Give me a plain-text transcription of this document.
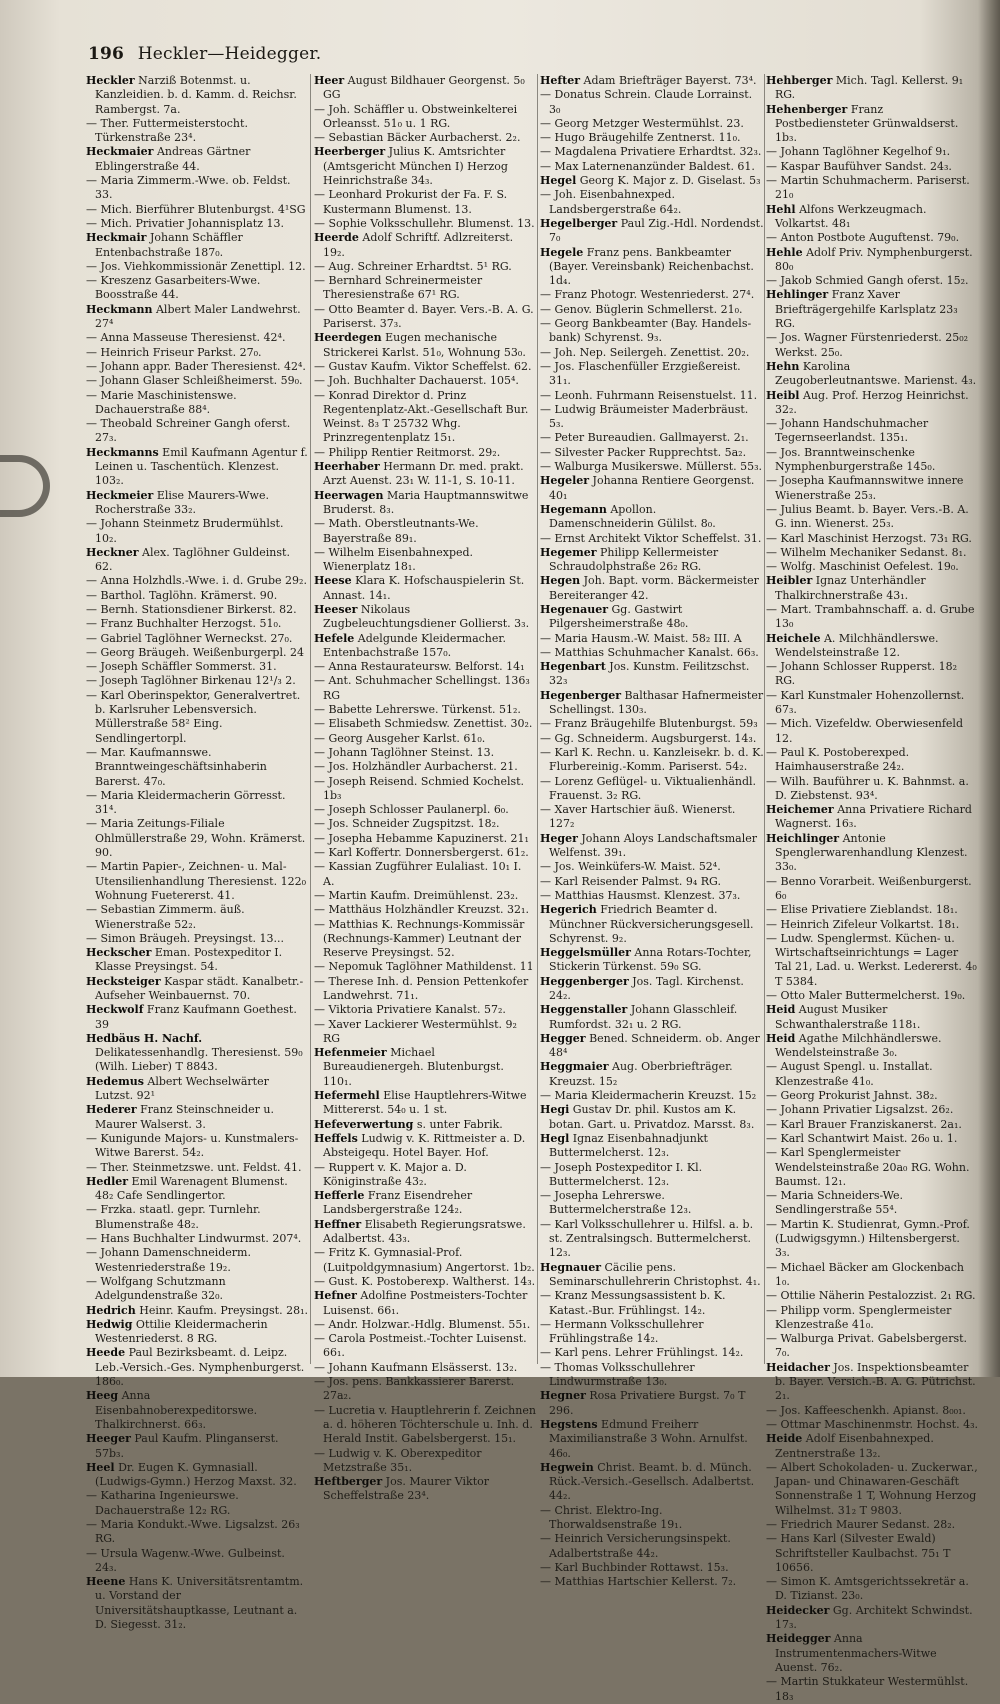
196 Heckler—Heidegger.

Heckler Narziß Botenmst. u. Kanzleidien. b. d. Kamm. d. Reichsr. Rambergst. 7a.

— Ther. Futtermeisterstocht. Türkenstraße 23⁴.

Heckmaier Andreas Gärtner Eblingerstraße 44.

— Maria Zimmerm.-Wwe. ob. Feldst. 33.

— Mich. Bierführer Blutenburgst. 4¹SG

— Mich. Privatier Johannisplatz 13.

Heckmair Johann Schäffler Entenbachstraße 187₀.

— Jos. Viehkommissionär Zenettipl. 12.

— Kreszenz Gasarbeiters-Wwe. Boosstraße 44.

Heckmann Albert Maler Landwehrst. 27⁴

— Anna Masseuse Theresienst. 42⁴.

— Heinrich Friseur Parkst. 27₀.

— Johann appr. Bader Theresienst. 42⁴.

— Johann Glaser Schleißheimerst. 59₀.

— Marie Maschinistenswe. Dachauerstraße 88⁴.

— Theobald Schreiner Gangh oferst. 27₃.

Heckmanns Emil Kaufmann Agentur f. Leinen u. Taschentüch. Klenzest. 103₂.

Heckmeier Elise Maurers-Wwe. Rocherstraße 33₂.

— Johann Steinmetz Brudermühlst. 10₂.

Heckner Alex. Taglöhner Guldeinst. 62.

— Anna Holzhdls.-Wwe. i. d. Grube 29₂.

— Barthol. Taglöhn. Krämerst. 90.

— Bernh. Stationsdiener Birkerst. 82.

— Franz Buchhalter Herzogst. 51₀.

— Gabriel Taglöhner Werneckst. 27₀.

— Georg Bräugeh. Weißenburgerpl. 24

— Joseph Schäffler Sommerst. 31.

— Joseph Taglöhner Birkenau 12¹/₃ 2.

— Karl Oberinspektor, Generalvertret. b. Karlsruher Lebensversich. Müllerstraße 58² Eing. Sendlingertorpl.

— Mar. Kaufmannswe. Branntweingeschäftsinhaberin Barerst. 47₀.

— Maria Kleidermacherin Görresst. 31⁴.

— Maria Zeitungs-Filiale Ohlmüllerstraße 29, Wohn. Krämerst. 90.

— Martin Papier-, Zeichnen- u. Mal-Utensilienhandlung Theresienst. 122₀ Wohnung Fuetererst. 41.

— Sebastian Zimmerm. äuß. Wienerstraße 52₂.

— Simon Bräugeh. Preysingst. 13...

Heckscher Eman. Postexpeditor I. Klasse Preysingst. 54.

Hecksteiger Kaspar städt. Kanalbetr.-Aufseher Weinbauernst. 70.

Heckwolf Franz Kaufmann Goethest. 39

Hedbäus H. Nachf. Delikatessenhandlg. Theresienst. 59₀ (Wilh. Lieber) T 8843.

Hedemus Albert Wechselwärter Lutzst. 92¹

Hederer Franz Steinschneider u. Maurer Walserst. 3.

— Kunigunde Majors- u. Kunstmalers-Witwe Barerst. 54₂.

— Ther. Steinmetzswe. unt. Feldst. 41.

Hedler Emil Warenagent Blumenst. 48₂ Cafe Sendlingertor.

— Frzka. staatl. gepr. Turnlehr. Blumenstraße 48₂.

— Hans Buchhalter Lindwurmst. 207⁴.

— Johann Damenschneiderm. Westenriederstraße 19₂.

— Wolfgang Schutzmann Adelgundenstraße 32₀.

Hedrich Heinr. Kaufm. Preysingst. 28₁.

Hedwig Ottilie Kleidermacherin Westenriederst. 8 RG.

Heede Paul Bezirksbeamt. d. Leipz. Leb.-Versich.-Ges. Nymphenburgerst. 186₀.

Heeg Anna Eisenbahnoberexpeditorswe. Thalkirchnerst. 66₃.

Heeger Paul Kaufm. Plinganserst. 57b₃.

Heel Dr. Eugen K. Gymnasiall. (Ludwigs-Gymn.) Herzog Maxst. 32.

— Katharina Ingenieurswe. Dachauerstraße 12₂ RG.

— Maria Kondukt.-Wwe. Ligsalzst. 26₃ RG.

— Ursula Wagenw.-Wwe. Gulbeinst. 24₃.

Heene Hans K. Universitätsrentamtm. u. Vorstand der Universitätshauptkasse, Leutnant a. D. Siegesst. 31₂.

Heer August Bildhauer Georgenst. 5₀ GG

— Joh. Schäffler u. Obstweinkelterei Orleansst. 51₀ u. 1 RG.

— Sebastian Bäcker Aurbacherst. 2₂.

Heerberger Julius K. Amtsrichter (Amtsgericht München I) Herzog Heinrichstraße 34₃.

— Leonhard Prokurist der Fa. F. S. Kustermann Blumenst. 13.

— Sophie Volksschullehr. Blumenst. 13.

Heerde Adolf Schriftf. Adlzreiterst. 19₂.

— Aug. Schreiner Erhardtst. 5¹ RG.

— Bernhard Schreinermeister Theresienstraße 67¹ RG.

— Otto Beamter d. Bayer. Vers.-B. A. G. Pariserst. 37₃.

Heerdegen Eugen mechanische Strickerei Karlst. 51₀, Wohnung 53₀.

— Gustav Kaufm. Viktor Scheffelst. 62.

— Joh. Buchhalter Dachauerst. 105⁴.

— Konrad Direktor d. Prinz Regentenplatz-Akt.-Gesellschaft Bur. Weinst. 8₃ T 25732 Whg. Prinzregentenplatz 15₁.

— Philipp Rentier Reitmorst. 29₂.

Heerhaber Hermann Dr. med. prakt. Arzt Auenst. 23₁ W. 11-1, S. 10-11.

Heerwagen Maria Hauptmannswitwe Bruderst. 8₃.

— Math. Oberstleutnants-We. Bayerstraße 89₁.

— Wilhelm Eisenbahnexped. Wienerplatz 18₁.

Heese Klara K. Hofschauspielerin St. Annast. 14₁.

Heeser Nikolaus Zugbeleuchtungsdiener Gollierst. 3₃.

Hefele Adelgunde Kleidermacher. Entenbachstraße 157₀.

— Anna Restaurateursw. Belforst. 14₁

— Ant. Schuhmacher Schellingst. 136₃ RG

— Babette Lehrerswe. Türkenst. 51₂.

— Elisabeth Schmiedsw. Zenettist. 30₂.

— Georg Ausgeher Karlst. 61₀.

— Johann Taglöhner Steinst. 13.

— Jos. Holzhändler Aurbacherst. 21.

— Joseph Reisend. Schmied Kochelst. 1b₃

— Joseph Schlosser Paulanerpl. 6₀.

— Jos. Schneider Zugspitzst. 18₂.

— Josepha Hebamme Kapuzinerst. 21₁

— Karl Koffertr. Donnersbergerst. 61₂.

— Kassian Zugführer Eulaliast. 10₁ I. A.

— Martin Kaufm. Dreimühlenst. 23₂.

— Matthäus Holzhändler Kreuzst. 32₁.

— Matthias K. Rechnungs-Kommissär (Rechnungs-Kammer) Leutnant der Reserve Preysingst. 52.

— Nepomuk Taglöhner Mathildenst. 11

— Therese Inh. d. Pension Pettenkofer Landwehrst. 71₁.

— Viktoria Privatiere Kanalst. 57₂.

— Xaver Lackierer Westermühlst. 9₂ RG

Hefenmeier Michael Bureaudienergeh. Blutenburgst. 110₁.

Hefermehl Elise Hauptlehrers-Witwe Mittererst. 54₀ u. 1 st.

Hefeverwertung s. unter Fabrik.

Heffels Ludwig v. K. Rittmeister a. D. Absteigequ. Hotel Bayer. Hof.

— Ruppert v. K. Major a. D. Königinstraße 43₂.

Hefferle Franz Eisendreher Landsbergerstraße 124₂.

Heffner Elisabeth Regierungsratswe. Adalbertst. 43₃.

— Fritz K. Gymnasial-Prof. (Luitpoldgymnasium) Angertorst. 1b₂.

— Gust. K. Postoberexp. Waltherst. 14₃.

Hefner Adolfine Postmeisters-Tochter Luisenst. 66₁.

— Andr. Holzwar.-Hdlg. Blumenst. 55₁.

— Carola Postmeist.-Tochter Luisenst. 66₁.

— Johann Kaufmann Elsässerst. 13₂.

— Jos. pens. Bankkassierer Barerst. 27a₂.

— Lucretia v. Hauptlehrerin f. Zeichnen a. d. höheren Töchterschule u. Inh. d. Herald Instit. Gabelsbergerst. 15₁.

— Ludwig v. K. Oberexpeditor Metzstraße 35₁.

Heftberger Jos. Maurer Viktor Scheffelstraße 23⁴.

Hefter Adam Briefträger Bayerst. 73⁴.

— Donatus Schrein. Claude Lorrainst. 3₀

— Georg Metzger Westermühlst. 23.

— Hugo Bräugehilfe Zentnerst. 11₀.

— Magdalena Privatiere Erhardtst. 32₃.

— Max Laternenanzünder Baldest. 61.

Hegel Georg K. Major z. D. Giselast. 5₃

— Joh. Eisenbahnexped. Landsbergerstraße 64₂.

Hegelberger Paul Zig.-Hdl. Nordendst. 7₀

Hegele Franz pens. Bankbeamter (Bayer. Vereinsbank) Reichenbachst. 1d₄.

— Franz Photogr. Westenriederst. 27⁴.

— Genov. Büglerin Schmellerst. 21₀.

— Georg Bankbeamter (Bay. Handels-bank) Schyrenst. 9₃.

— Joh. Nep. Seilergeh. Zenettist. 20₂.

— Jos. Flaschenfüller Erzgießereist. 31₁.

— Leonh. Fuhrmann Reisenstuelst. 11.

— Ludwig Bräumeister Maderbräust. 5₃.

— Peter Bureaudien. Gallmayerst. 2₁.

— Silvester Packer Rupprechtst. 5a₂.

— Walburga Musikerswe. Müllerst. 55₃.

Hegeler Johanna Rentiere Georgenst. 40₁

Hegemann Apollon. Damenschneiderin Gülilst. 8₀.

— Ernst Architekt Viktor Scheffelst. 31.

Hegemer Philipp Kellermeister Schraudolphstraße 26₂ RG.

Hegen Joh. Bapt. vorm. Bäckermeister Bereiteranger 42.

Hegenauer Gg. Gastwirt Pilgersheimerstraße 48₀.

— Maria Hausm.-W. Maist. 58₂ III. A

— Matthias Schuhmacher Kanalst. 66₃.

Hegenbart Jos. Kunstm. Feilitzschst. 32₃

Hegenberger Balthasar Hafnermeister Schellingst. 130₃.

— Franz Bräugehilfe Blutenburgst. 59₃

— Gg. Schneiderm. Augsburgerst. 14₃.

— Karl K. Rechn. u. Kanzleisekr. b. d. K. Flurbereinig.-Komm. Pariserst. 54₂.

— Lorenz Geflügel- u. Viktualienhändl. Frauenst. 3₂ RG.

— Xaver Hartschier äuß. Wienerst. 127₂

Heger Johann Aloys Landschaftsmaler Welfenst. 39₁.

— Jos. Weinküfers-W. Maist. 52⁴.

— Karl Reisender Palmst. 9₄ RG.

— Matthias Hausmst. Klenzest. 37₃.

Hegerich Friedrich Beamter d. Münchner Rückversicherungsgesell. Schyrenst. 9₂.

Heggelsmüller Anna Rotars-Tochter, Stickerin Türkenst. 59₀ SG.

Heggenberger Jos. Tagl. Kirchenst. 24₂.

Heggenstaller Johann Glasschleif. Rumfordst. 32₁ u. 2 RG.

Hegger Bened. Schneiderm. ob. Anger 48⁴

Heggmaier Aug. Oberbriefträger. Kreuzst. 15₂

— Maria Kleidermacherin Kreuzst. 15₂

Hegi Gustav Dr. phil. Kustos am K. botan. Gart. u. Privatdoz. Marsst. 8₃.

Hegl Ignaz Eisenbahnadjunkt Buttermelcherst. 12₃.

— Joseph Postexpeditor I. Kl. Buttermelcherst. 12₃.

— Josepha Lehrerswe. Buttermelcherstraße 12₃.

— Karl Volksschullehrer u. Hilfsl. a. b. st. Zentralsingsch. Buttermelcherst. 12₃.

Hegnauer Cäcilie pens. Seminarschullehrerin Christophst. 4₁.

— Kranz Messungsassistent b. K. Katast.-Bur. Frühlingst. 14₂.

— Hermann Volksschullehrer Frühlingstraße 14₂.

— Karl pens. Lehrer Frühlingst. 14₂.

— Thomas Volksschullehrer Lindwurmstraße 13₀.

Hegner Rosa Privatiere Burgst. 7₀ T 296.

Hegstens Edmund Freiherr Maximilianstraße 3 Wohn. Arnulfst. 46₀.

Hegwein Christ. Beamt. b. d. Münch. Rück.-Versich.-Gesellsch. Adalbertst. 44₂.

— Christ. Elektro-Ing. Thorwaldsenstraße 19₁.

— Heinrich Versicherungsinspekt. Adalbertstraße 44₂.

— Karl Buchbinder Rottawst. 15₃.

— Matthias Hartschier Kellerst. 7₂.

Hehberger Mich. Tagl. Kellerst. 9₁ RG.

Hehenberger Franz Postbediensteter Grünwaldserst. 1b₃.

— Johann Taglöhner Kegelhof 9₁.

— Kaspar Baufühver Sandst. 24₃.

— Martin Schuhmacherm. Pariserst. 21₀

Hehl Alfons Werkzeugmach. Volkartst. 48₁

— Anton Postbote Auguftenst. 79₀.

Hehle Adolf Priv. Nymphenburgerst. 80₀

— Jakob Schmied Gangh oferst. 15₂.

Hehlinger Franz Xaver Briefträgergehilfe Karlsplatz 23₃ RG.

— Jos. Wagner Fürstenriederst. 25₀₂ Werkst. 25₀.

Hehn Karolina Zeugoberleutnantswe. Marienst. 4₃.

Heibl Aug. Prof. Herzog Heinrichst. 32₂.

— Johann Handschuhmacher Tegernseerlandst. 135₁.

— Jos. Branntweinschenke Nymphenburgerstraße 145₀.

— Josepha Kaufmannswitwe innere Wienerstraße 25₃.

— Julius Beamt. b. Bayer. Vers.-B. A. G. inn. Wienerst. 25₃.

— Karl Maschinist Herzogst. 73₁ RG.

— Wilhelm Mechaniker Sedanst. 8₁.

— Wolfg. Maschinist Oefelest. 19₀.

Heibler Ignaz Unterhändler Thalkirchnerstraße 43₁.

— Mart. Trambahnschaff. a. d. Grube 13₀

Heichele A. Milchhändlerswe. Wendelsteinstraße 12.

— Johann Schlosser Rupperst. 18₂ RG.

— Karl Kunstmaler Hohenzollernst. 67₃.

— Mich. Vizefeldw. Oberwiesenfeld 12.

— Paul K. Postoberexped. Haimhauserstraße 24₂.

— Wilh. Bauführer u. K. Bahnmst. a. D. Ziebstenst. 93⁴.

Heichemer Anna Privatiere Richard Wagnerst. 16₃.

Heichlinger Antonie Spenglerwarenhandlung Klenzest. 33₀.

— Benno Vorarbeit. Weißenburgerst. 6₀

— Elise Privatiere Zieblandst. 18₁.

— Heinrich Zifeleur Volkartst. 18₁.

— Ludw. Spenglermst. Küchen- u. Wirtschaftseinrichtungs = Lager Tal 21, Lad. u. Werkst. Ledererst. 4₀ T 5384.

— Otto Maler Buttermelcherst. 19₀.

Heid August Musiker Schwanthalerstraße 118₁.

Heid Agathe Milchhändlerswe. Wendelsteinstraße 3₀.

— August Spengl. u. Installat. Klenzestraße 41₀.

— Georg Prokurist Jahnst. 38₂.

— Johann Privatier Ligsalzst. 26₂.

— Karl Brauer Franziskanerst. 2a₁.

— Karl Schantwirt Maist. 26₀ u. 1.

— Karl Spenglermeister Wendelsteinstraße 20a₀ RG. Wohn. Baumst. 12₁.

— Maria Schneiders-We. Sendlingerstraße 55⁴.

— Martin K. Studienrat, Gymn.-Prof. (Ludwigsgymn.) Hiltensbergerst. 3₃.

— Michael Bäcker am Glockenbach 1₀.

— Ottilie Näherin Pestalozzist. 2₁ RG.

— Philipp vorm. Spenglermeister Klenzestraße 41₀.

— Walburga Privat. Gabelsbergerst. 7₀.

Heidacher Jos. Inspektionsbeamter b. Bayer. Versich.-B. A. G. Pütrichst. 2₁.

— Jos. Kaffeeschenkh. Apianst. 8₀₀₁.

— Ottmar Maschinenmstr. Hochst. 4₃.

Heide Adolf Eisenbahnexped. Zentnerstraße 13₂.

— Albert Schokoladen- u. Zuckerwar., Japan- und Chinawaren-Geschäft Sonnenstraße 1 T, Wohnung Herzog Wilhelmst. 31₂ T 9803.

— Friedrich Maurer Sedanst. 28₂.

— Hans Karl (Silvester Ewald) Schriftsteller Kaulbachst. 75₁ T 10656.

— Simon K. Amtsgerichtssekretär a. D. Tizianst. 23₀.

Heidecker Gg. Architekt Schwindst. 17₃.

Heidegger Anna Instrumentenmachers-Witwe Auenst. 76₂.

— Martin Stukkateur Westermühlst. 18₃
